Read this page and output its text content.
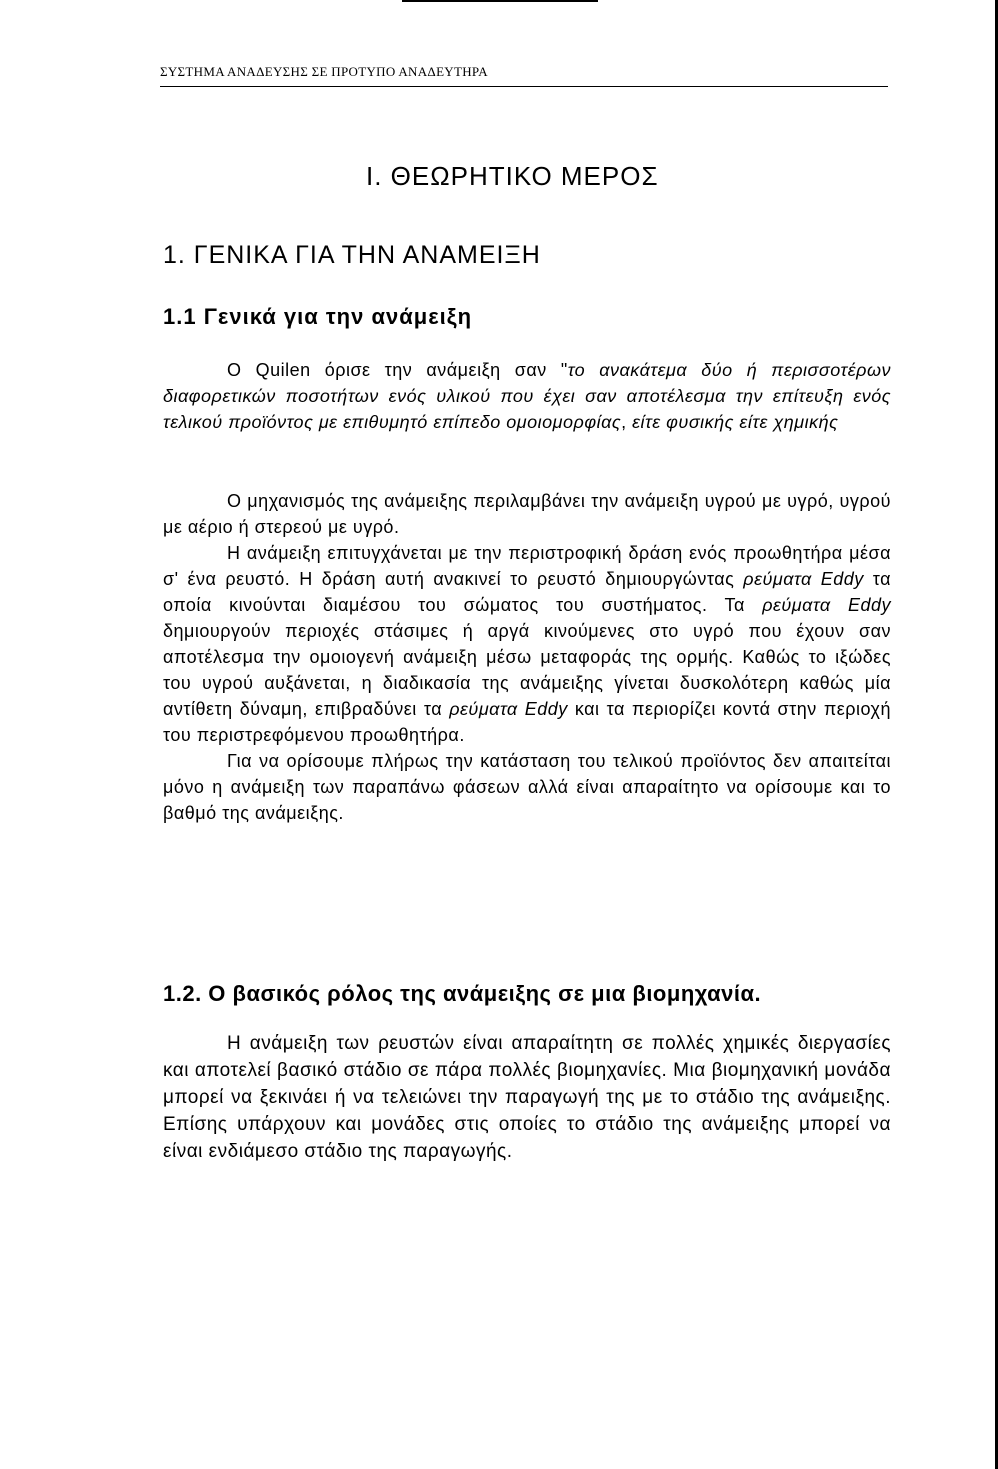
ΣΥΣΤΗΜΑ ΑΝΑΔΕΥΣΗΣ ΣΕ ΠΡΟΤΥΠΟ ΑΝΑΔΕΥΤΗΡΑ
I. ΘΕΩΡΗΤΙΚΟ ΜΕΡΟΣ
1. ΓΕΝΙΚΑ ΓΙΑ ΤΗΝ ΑΝΑΜΕΙΞΗ
1.1 Γενικά για την ανάμειξη

Ο Quilen όρισε την ανάμειξη σαν "το ανακάτεμα δύο ή περισσοτέρων διαφορετικών ποσοτήτων ενός υλικού που έχει σαν αποτέλεσμα την επίτευξη ενός τελικού προϊόντος με επιθυμητό επίπεδο ομοιομορφίας, είτε φυσικής είτε χημικής

Ο μηχανισμός της ανάμειξης περιλαμβάνει την ανάμειξη υγρού με υγρό, υγρού με αέριο ή στερεού με υγρό.

Η ανάμειξη επιτυγχάνεται με την περιστροφική δράση ενός προωθητήρα μέσα σ' ένα ρευστό. Η δράση αυτή ανακινεί το ρευστό δημιουργώντας ρεύματα Eddy τα οποία κινούνται διαμέσου του σώματος του συστήματος. Τα ρεύματα Eddy δημιουργούν περιοχές στάσιμες ή αργά κινούμενες στο υγρό που έχουν σαν αποτέλεσμα την ομοιογενή ανάμειξη μέσω μεταφοράς της ορμής. Καθώς το ιξώδες του υγρού αυξάνεται, η διαδικασία της ανάμειξης γίνεται δυσκολότερη καθώς μία αντίθετη δύναμη, επιβραδύνει τα ρεύματα Eddy και τα περιορίζει κοντά στην περιοχή του περιστρεφόμενου προωθητήρα.

Για να ορίσουμε πλήρως την κατάσταση του τελικού προϊόντος δεν απαιτείται μόνο η ανάμειξη των παραπάνω φάσεων αλλά είναι απαραίτητο να ορίσουμε και το βαθμό της ανάμειξης.

1.2. Ο βασικός ρόλος της ανάμειξης σε μια βιομηχανία.

Η ανάμειξη των ρευστών είναι απαραίτητη σε πολλές χημικές διεργασίες και αποτελεί βασικό στάδιο σε πάρα πολλές βιομηχανίες. Μια βιομηχανική μονάδα μπορεί να ξεκινάει ή να τελειώνει την παραγωγή της με το στάδιο της ανάμειξης. Επίσης υπάρχουν και μονάδες στις οποίες το στάδιο της ανάμειξης μπορεί να είναι ενδιάμεσο στάδιο της παραγωγής.
